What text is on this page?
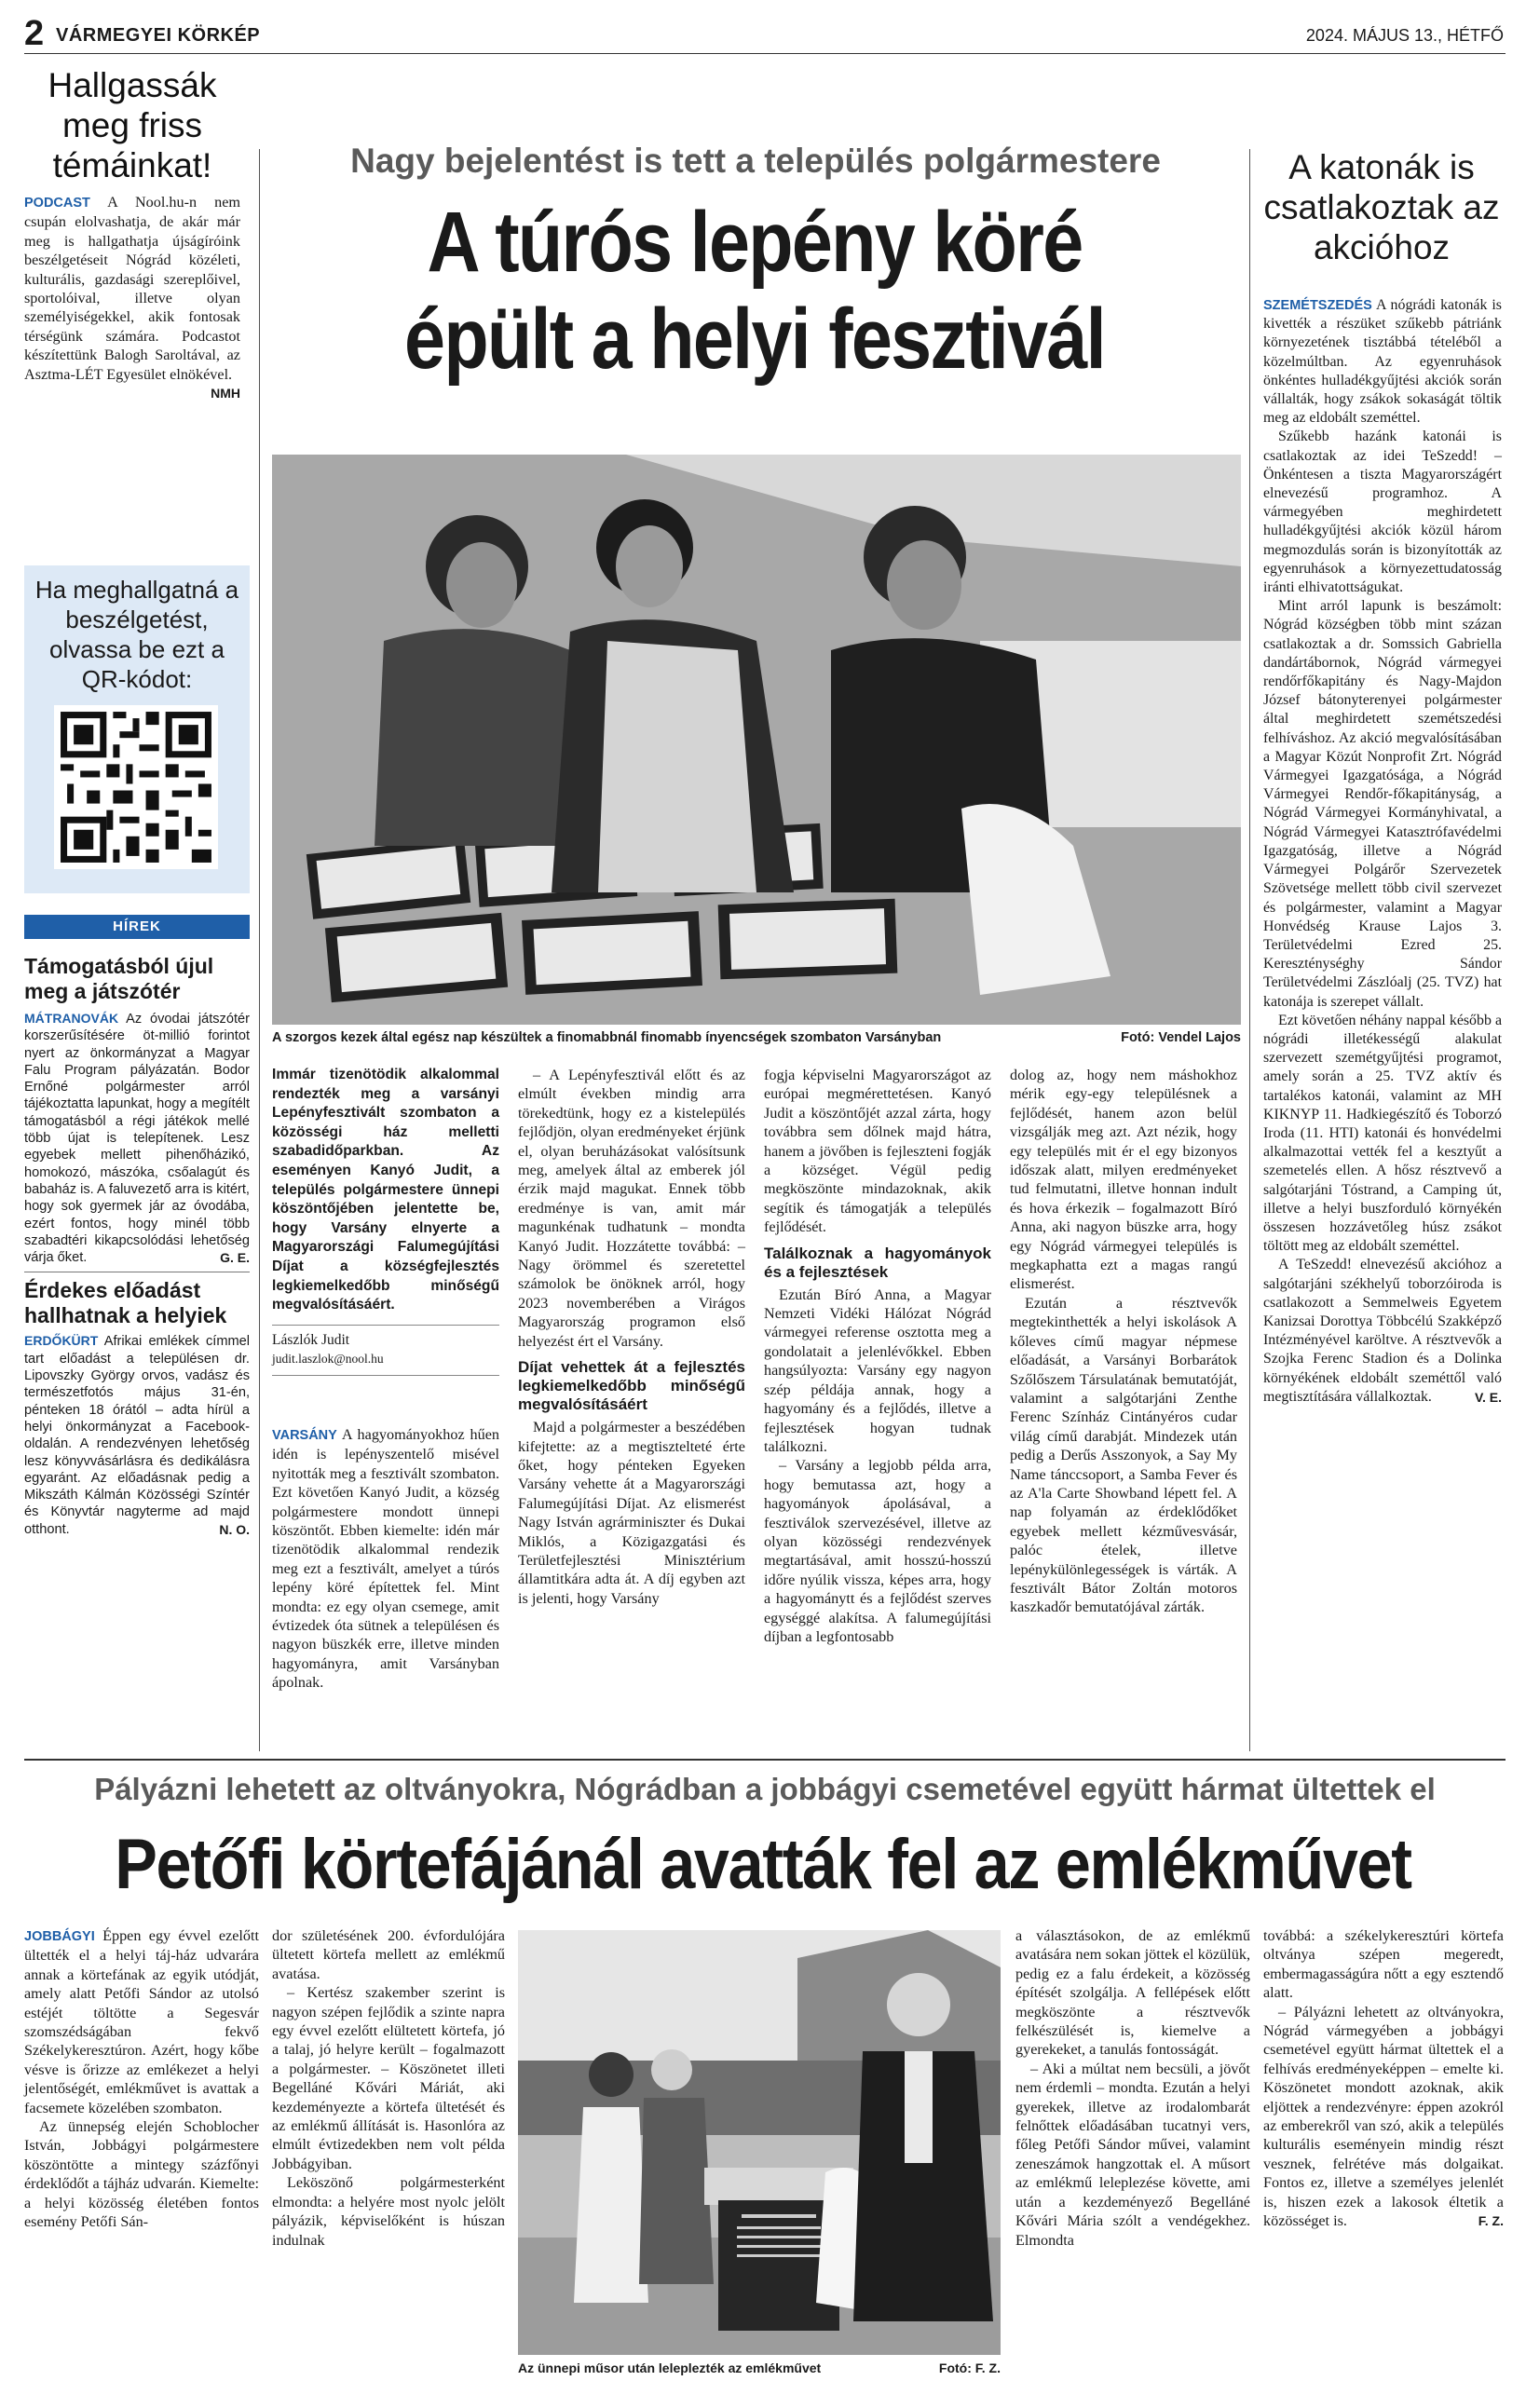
2 VÁRMEGYEI KÖRKÉP	2024. MÁJUS 13., HÉTFŐ
Hallgassák meg friss témáinkat!
PODCAST A Nool.hu-n nem csupán elolvashatja, de akár már meg is hallgathatja újságíróink beszélgetéseit Nógrád közéleti, kulturális, gazdasági szereplőivel, sportolóival, illetve olyan személyiségekkel, akik fontosak térségünk számára. Podcastot készítettünk Balogh Saroltával, az Asztma-LÉT Egyesület elnökével.
NMH
Ha meghallgatná a beszélgetést, olvassa be ezt a QR-kódot:
HÍREK
Támogatásból újul meg a játszótér
MÁTRANOVÁK Az óvodai játszótér korszerűsítésére öt-millió forintot nyert az önkormányzat a Magyar Falu Program pályázatán. Bodor Ernőné polgármester arról tájékoztatta lapunkat, hogy a megítélt támogatásból a régi játékok mellé több újat is telepítenek. Lesz egyebek mellett pihenőházikó, homokozó, mászóka, csőalagút és babaház is. A faluvezető arra is kitért, hogy sok gyermek jár az óvodába, ezért fontos, hogy minél több szabadtéri kikapcsolódási lehetőség várja őket.	G. E.
Érdekes előadást hallhatnak a helyiek
ERDŐKÜRT Afrikai emlékek címmel tart előadást a településen dr. Lipovszky György orvos, vadász és természetfotós május 31-én, pénteken 18 órától – adta hírül a helyi önkormányzat a Facebook-oldalán. A rendezvényen lehetőség lesz könyvvásárlásra és dedikálásra egyaránt. Az előadásnak pedig a Mikszáth Kálmán Közösségi Színtér és Könyvtár nagyterme ad majd otthont.	N. O.
Nagy bejelentést is tett a település polgármestere
A túrós lepény köré
épült a helyi fesztivál
A szorgos kezek által egész nap készültek a finomabbnál finomabb ínyencségek szombaton Varsányban	Fotó: Vendel Lajos
Immár tizenötödik alkalommal rendezték meg a varsányi Lepényfesztivált szombaton a közösségi ház melletti szabadidőparkban. Az eseményen Kanyó Judit, a település polgármestere ünnepi köszöntőjében jelentette be, hogy Varsány elnyerte a Magyarországi Falumegújítási Díjat a községfejlesztés legkiemelkedőbb minőségű megvalósításáért.
Lászlók Judit
judit.laszlok@nool.hu

VARSÁNY A hagyományokhoz hűen idén is lepényszentelő misével nyitották meg a fesztivált szombaton. Ezt követően Kanyó Judit, a község polgármestere mondott ünnepi köszöntőt. Ebben kiemelte: idén már tizenötödik alkalommal rendezik meg ezt a fesztivált, amelyet a túrós lepény köré építettek fel. Mint mondta: ez egy olyan csemege, amit évtizedek óta sütnek a településen és nagyon büszkék erre, illetve minden hagyományra, amit Varsányban ápolnak.

– A Lepényfesztivál előtt és az elmúlt években mindig arra törekedtünk, hogy ez a kistelepülés fejlődjön, olyan eredményeket érjünk el, olyan beruházásokat valósítsunk meg, amelyek által az emberek jól érzik majd magukat. Ennek több eredménye is van, amit már magunkénak tudhatunk – mondta Kanyó Judit. Hozzátette továbbá: – Nagy örömmel és szeretettel számolok be önöknek arról, hogy 2023 novemberében a Virágos Magyarország programon első helyezést ért el Varsány.

Díjat vehettek át a fejlesztés legkiemelkedőbb minőségű megvalósításáért

Majd a polgármester a beszédében kifejtette: az a megtisztelteté érte őket, hogy pénteken Egyeken Varsány vehette át a Magyarországi Falumegújítási Díjat. Az elismerést Nagy István agrárminiszter és Dukai Miklós, a Közigazgatási és Területfejlesztési Minisztérium államtitkára adta át. A díj egyben azt is jelenti, hogy Varsány

fogja képviselni Magyarországot az európai megmérettetésen. Kanyó Judit a köszöntőjét azzal zárta, hogy továbbra sem dőlnek majd hátra, hanem a jövőben is fejleszteni fogják a községet. Végül pedig megköszönte mindazoknak, akik segítik és támogatják a település fejlődését.

Találkoznak a hagyományok és a fejlesztések

Ezután Bíró Anna, a Magyar Nemzeti Vidéki Hálózat Nógrád vármegyei referense osztotta meg a gondolatait a jelenlévőkkel. Ebben hangsúlyozta: Varsány egy nagyon szép példája annak, hogy a hagyomány és a fejlődés, illetve a fejlesztések hogyan tudnak találkozni.

– Varsány a legjobb példa arra, hogy bemutassa azt, hogy a hagyományok ápolásával, a fesztiválok szervezésével, illetve az olyan közösségi rendezvények megtartásával, amit hosszú-hosszú időre nyúlik vissza, képes arra, hogy a hagyománytt és a fejlődést szerves egységgé alakítsa. A falumegújítási díjban a legfontosabb

dolog az, hogy nem máshokhoz mérik egy-egy településnek a fejlődését, hanem azon belül vizsgálják meg azt. Azt nézik, hogy egy település mit ér el egy bizonyos időszak alatt, milyen eredményeket tud felmutatni, illetve honnan indult és hova érkezik – fogalmazott Bíró Anna, aki nagyon büszke arra, hogy egy Nógrád vármegyei település is megkaphatta ezt a magas rangú elismerést.

Ezután a résztvevők megtekinthették a helyi iskolások A kőleves című magyar népmese előadását, a Varsányi Borbarátok Szőlőszem Társulatának bemutatóját, valamint a salgótarjáni Zenthe Ferenc Színház Cintányéros cudar világ című darabját. Mindezek után pedig a Derűs Asszonyok, a Say My Name tánccsoport, a Samba Fever és az A'la Carte Showband lépett fel. A nap folyamán az érdeklődőket egyebek mellett kézművesvásár, palóc ételek, illetve lepénykülönlegességek is várták. A fesztivált Bátor Zoltán motoros kaszkadőr bemutatójával zárták.

A katonák is csatlakoztak az akcióhoz

SZEMÉTSZEDÉS A nógrádi katonák is kivették a részüket szűkebb pátriánk környezetének tisztábbá tételéből a közelmúltban. Az egyenruhások önkéntes hulladékgyűjtési akciók során vállalták, hogy zsákok sokaságát töltik meg az eldobált szeméttel.

Szűkebb hazánk katonái is csatlakoztak az idei TeSzedd! – Önkéntesen a tiszta Magyarországért elnevezésű programhoz. A vármegyében meghirdetett hulladékgyűjtési akciók közül három megmozdulás során is bizonyították az egyenruhások a környezettudatosság iránti elhivatottságukat.

Mint arról lapunk is beszámolt: Nógrád községben több mint százan csatlakoztak a dr. Somssich Gabriella dandártábornok, Nógrád vármegyei rendőrfőkapitány és Nagy-Majdon József bátonyterenyei polgármester által meghirdetett szemétszedési felhíváshoz. Az akció megvalósításában a Magyar Közút Nonprofit Zrt. Nógrád Vármegyei Igazgatósága, a Nógrád Vármegyei Rendőr-főkapitányság, a Nógrád Vármegyei Kormányhivatal, a Nógrád Vármegyei Katasztrófavédelmi Igazgatóság, illetve a Nógrád Vármegyei Polgárőr Szervezetek Szövetsége mellett több civil szervezet és polgármester, valamint a Magyar Honvédség Krause Lajos 3. Területvédelmi Ezred 25. Kereszténységhy Sándor Területvédelmi Zászlóalj (25. TVZ) hat katonája is szerepet vállalt.

Ezt követően néhány nappal később a nógrádi illetékességű alakulat szervezett szemétgyűjtési programot, amely során a 25. TVZ aktív és tartalékos katonái, valamint az MH KIKNYP 11. Hadkiegészítő és Toborzó Iroda (11. HTI) katonái és honvédelmi alkalmazottai vették fel a kesztyűt a szemetelés ellen. A hősz résztvevő a salgótarjáni Tóstrand, a Camping út, illetve a helyi buszforduló környékén összesen hozzávetőleg húsz zsákot töltött meg az eldobált szeméttel.

A TeSzedd! elnevezésű akcióhoz a salgótarjáni székhelyű toborzóiroda is csatlakozott a Semmelweis Egyetem Kanizsai Dorottya Többcélú Szakképző Intézményével karöltve. A résztvevők a Szojka Ferenc Stadion és a Dolinka környékének eldobált szeméttől való megtisztítására vállalkoztak.	V. E.

Pályázni lehetett az oltványokra, Nógrádban a jobbágyi csemetével együtt hármat ültettek el
Petőfi körtefájánál avatták fel az emlékművet

JOBBÁGYI Éppen egy évvel ezelőtt ültették el a helyi táj-ház udvarára annak a körtefának az egyik utódját, amely alatt Petőfi Sándor az utolsó estéjét töltötte a Segesvár szomszédságában fekvő Székelykeresztúron. Azért, hogy kőbe vésve is őrizze az emlékezet a helyi jelentőségét, emlékművet is avattak a facsemete közelében szombaton.

Az ünnepség elején Schoblocher István, Jobbágyi polgármestere köszöntötte a mintegy százfőnyi érdeklődőt a tájház udvarán. Kiemelte: a helyi közösség életében fontos esemény Petőfi Sán-

dor születésének 200. évfordulójára ültetett körtefa mellett az emlékmű avatása.

– Kertész szakember szerint is nagyon szépen fejlődik a szinte napra egy évvel ezelőtt elültetett körtefa, jó a talaj, jó helyre került – fogalmazott a polgármester. – Köszönetet illeti Begelláné Kővári Máriát, aki kezdeményezte a körtefa ültetését és az emlékmű állítását is. Hasonlóra az elmúlt évtizedekben nem volt példa Jobbágyiban.

Leköszönő polgármesterként elmondta: a helyére most nyolc jelölt pályázik, képviselőként is húszan indulnak

Az ünnepi műsor után leleplezték az emlékművet	Fotó: F. Z.

a választásokon, de az emlékmű avatására nem sokan jöttek el közülük, pedig ez a falu érdekeit, a közösség építését szolgálja. A fellépések előtt megköszönte a résztvevők felkészülését is, kiemelve a gyerekeket, a tanulás fontosságát.

– Aki a múltat nem becsüli, a jövőt nem érdemli – mondta. Ezután a helyi gyerekek, illetve az irodalombarát felnőttek előadásában tucatnyi vers, főleg Petőfi Sándor művei, valamint zeneszámok hangzottak el. A műsort az emlékmű leleplezése követte, ami után a kezdeményező Begelláné Kővári Mária szólt a vendégekhez. Elmondta

továbbá: a székelykeresztúri körtefa oltványa szépen megeredt, embermagasságúra nőtt a egy esztendő alatt.

– Pályázni lehetett az oltványokra, Nógrád vármegyében a jobbágyi csemetével együtt hármat ültettek el a felhívás eredményeképpen – emelte ki. Köszönetet mondott azoknak, akik eljöttek a rendezvényre: éppen azokról az emberekről van szó, akik a település kulturális eseményein mindig részt vesznek, felrétéve más dolgaikat. Fontos ez, illetve a személyes jelenlét is, hiszen ezek a lakosok éltetik a közösséget is.	F. Z.
